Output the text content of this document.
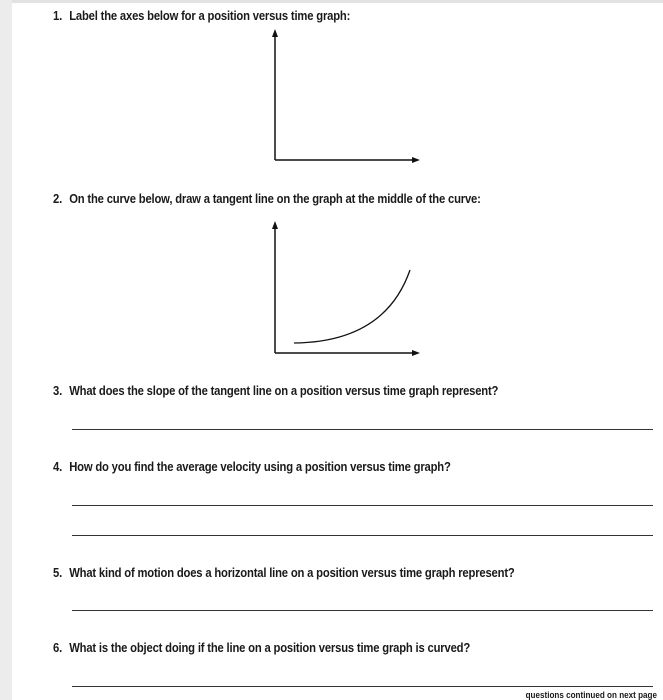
1. Label the axes below for a position versus time graph:
2. On the curve below, draw a tangent line on the graph at the middle of the curve:
3. What does the slope of the tangent line on a position versus time graph represent?
4. How do you find the average velocity using a position versus time graph?
5. What kind of motion does a horizontal line on a position versus time graph represent?
6. What is the object doing if the line on a position versus time graph is curved?
questions continued on next page
